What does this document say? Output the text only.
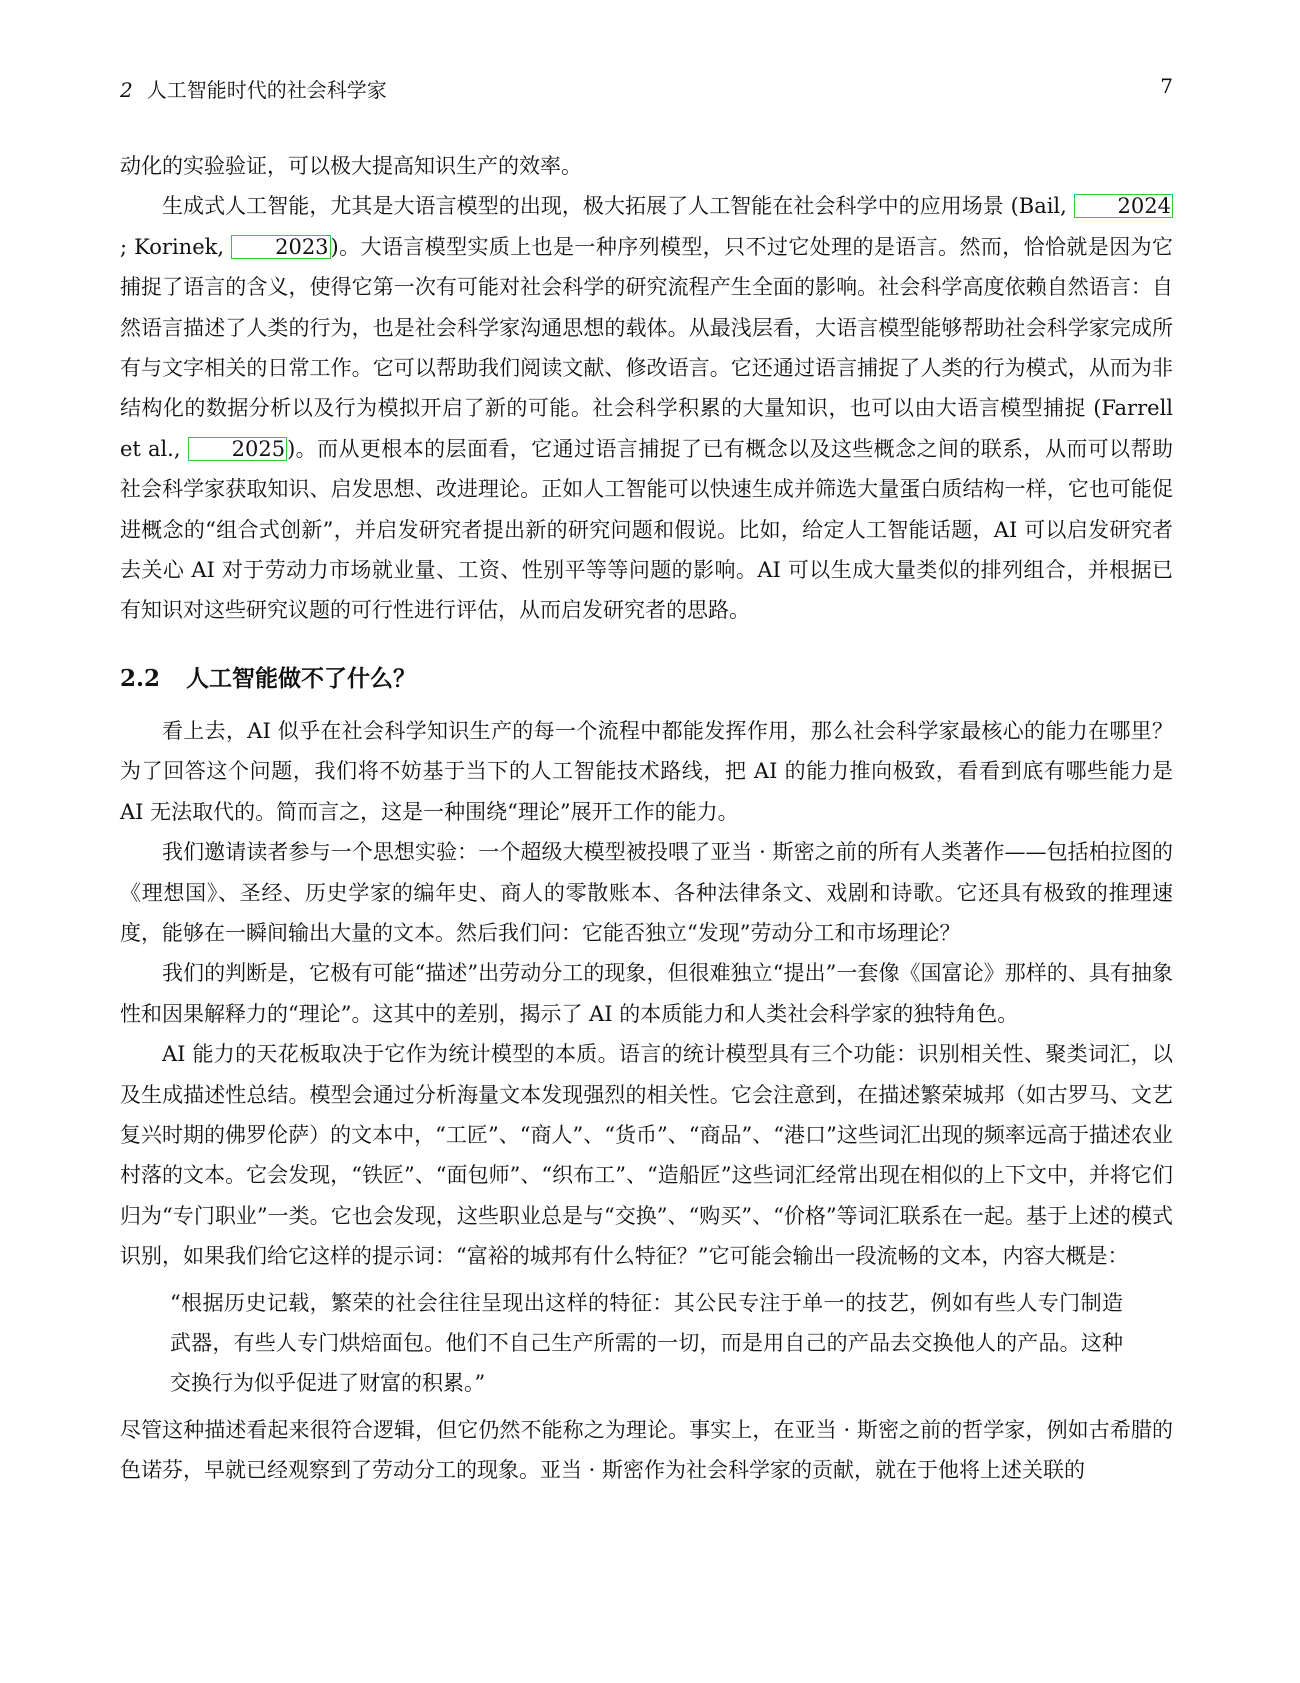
2 人工智能时代的社会科学家	7

动化的实验验证，可以极大提高知识生产的效率。

生成式人工智能，尤其是大语言模型的出现，极大拓展了人工智能在社会科学中的应用场景 (Bail, 2024; Korinek, 2023)。大语言模型实质上也是一种序列模型，只不过它处理的是语言。然而，恰恰就是因为它捕捉了语言的含义，使得它第一次有可能对社会科学的研究流程产生全面的影响。社会科学高度依赖自然语言：自然语言描述了人类的行为，也是社会科学家沟通思想的载体。从最浅层看，大语言模型能够帮助社会科学家完成所有与文字相关的日常工作。它可以帮助我们阅读文献、修改语言。它还通过语言捕捉了人类的行为模式，从而为非结构化的数据分析以及行为模拟开启了新的可能。社会科学积累的大量知识，也可以由大语言模型捕捉 (Farrell et al., 2025)。而从更根本的层面看，它通过语言捕捉了已有概念以及这些概念之间的联系，从而可以帮助社会科学家获取知识、启发思想、改进理论。正如人工智能可以快速生成并筛选大量蛋白质结构一样，它也可能促进概念的“组合式创新”，并启发研究者提出新的研究问题和假说。比如，给定人工智能话题，AI 可以启发研究者去关心 AI 对于劳动力市场就业量、工资、性别平等等问题的影响。AI 可以生成大量类似的排列组合，并根据已有知识对这些研究议题的可行性进行评估，从而启发研究者的思路。

2.2 人工智能做不了什么？

看上去，AI 似乎在社会科学知识生产的每一个流程中都能发挥作用，那么社会科学家最核心的能力在哪里？为了回答这个问题，我们将不妨基于当下的人工智能技术路线，把 AI 的能力推向极致，看看到底有哪些能力是 AI 无法取代的。简而言之，这是一种围绕“理论”展开工作的能力。

我们邀请读者参与一个思想实验：一个超级大模型被投喂了亚当 · 斯密之前的所有人类著作——包括柏拉图的《理想国》、圣经、历史学家的编年史、商人的零散账本、各种法律条文、戏剧和诗歌。它还具有极致的推理速度，能够在一瞬间输出大量的文本。然后我们问：它能否独立“发现”劳动分工和市场理论？

我们的判断是，它极有可能“描述”出劳动分工的现象，但很难独立“提出”一套像《国富论》那样的、具有抽象性和因果解释力的“理论”。这其中的差别，揭示了 AI 的本质能力和人类社会科学家的独特角色。

AI 能力的天花板取决于它作为统计模型的本质。语言的统计模型具有三个功能：识别相关性、聚类词汇，以及生成描述性总结。模型会通过分析海量文本发现强烈的相关性。它会注意到，在描述繁荣城邦（如古罗马、文艺复兴时期的佛罗伦萨）的文本中，“工匠”、“商人”、“货币”、“商品”、“港口”这些词汇出现的频率远高于描述农业村落的文本。它会发现，“铁匠”、“面包师”、“织布工”、“造船匠”这些词汇经常出现在相似的上下文中，并将它们归为“专门职业”一类。它也会发现，这些职业总是与“交换”、“购买”、“价格”等词汇联系在一起。基于上述的模式识别，如果我们给它这样的提示词：“富裕的城邦有什么特征？”它可能会输出一段流畅的文本，内容大概是：

“根据历史记载，繁荣的社会往往呈现出这样的特征：其公民专注于单一的技艺，例如有些人专门制造武器，有些人专门烘焙面包。他们不自己生产所需的一切，而是用自己的产品去交换他人的产品。这种交换行为似乎促进了财富的积累。”

尽管这种描述看起来很符合逻辑，但它仍然不能称之为理论。事实上，在亚当 · 斯密之前的哲学家，例如古希腊的色诺芬，早就已经观察到了劳动分工的现象。亚当 · 斯密作为社会科学家的贡献，就在于他将上述关联的
